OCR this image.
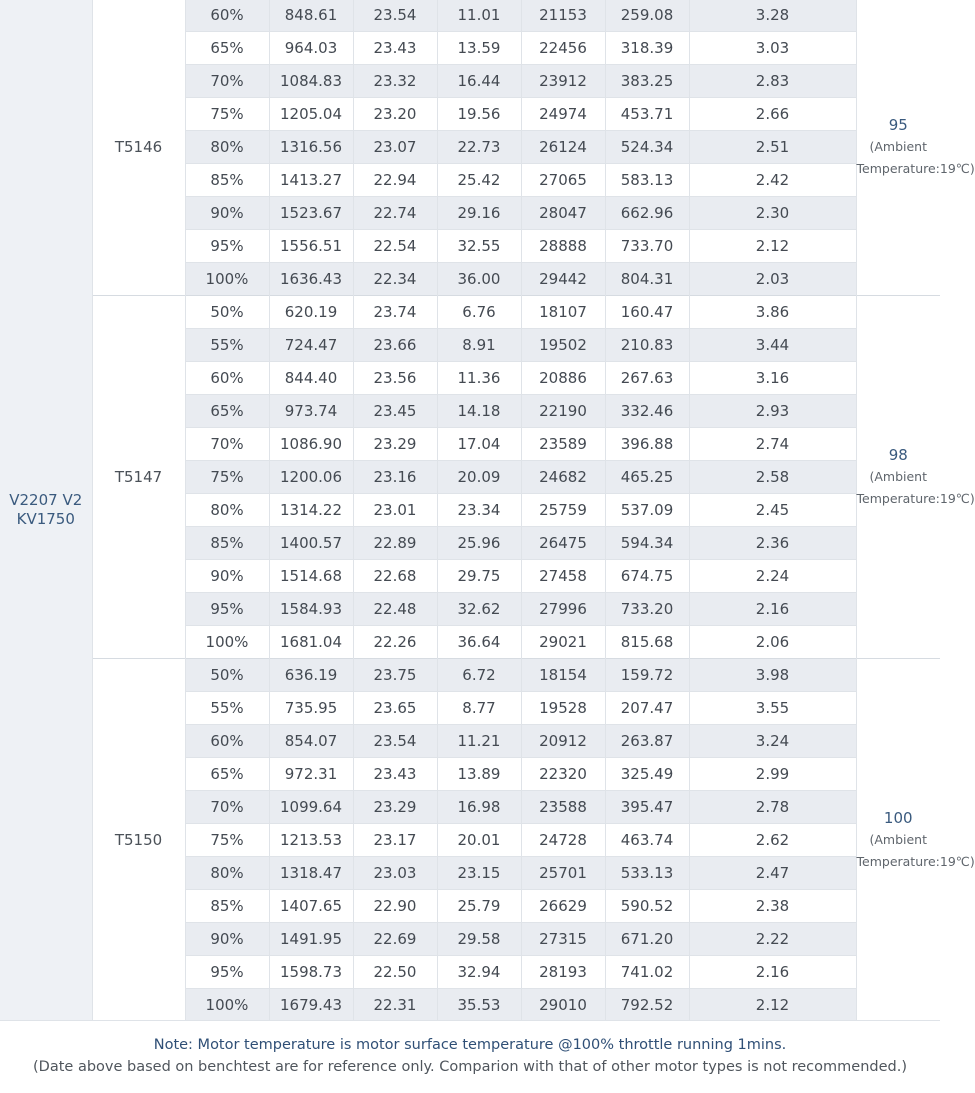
V2207 V2
KV1750	T5146	60%	848.61	23.54	11.01	21153	259.08	3.28	95
(Ambient
Temperature:19℃)

		65%	964.03	23.43	13.59	22456	318.39	3.03	
		70%	1084.83	23.32	16.44	23912	383.25	2.83	
		75%	1205.04	23.20	19.56	24974	453.71	2.66	
		80%	1316.56	23.07	22.73	26124	524.34	2.51	
		85%	1413.27	22.94	25.42	27065	583.13	2.42	
		90%	1523.67	22.74	29.16	28047	662.96	2.30	
		95%	1556.51	22.54	32.55	28888	733.70	2.12	
		100%	1636.43	22.34	36.00	29442	804.31	2.03	
	T5147	50%	620.19	23.74	6.76	18107	160.47	3.86	98
(Ambient
Temperature:19℃)

		55%	724.47	23.66	8.91	19502	210.83	3.44	
		60%	844.40	23.56	11.36	20886	267.63	3.16	
		65%	973.74	23.45	14.18	22190	332.46	2.93	
		70%	1086.90	23.29	17.04	23589	396.88	2.74	
		75%	1200.06	23.16	20.09	24682	465.25	2.58	
		80%	1314.22	23.01	23.34	25759	537.09	2.45	
		85%	1400.57	22.89	25.96	26475	594.34	2.36	
		90%	1514.68	22.68	29.75	27458	674.75	2.24	
		95%	1584.93	22.48	32.62	27996	733.20	2.16	
		100%	1681.04	22.26	36.64	29021	815.68	2.06	
	T5150	50%	636.19	23.75	6.72	18154	159.72	3.98	100
(Ambient
Temperature:19℃)

		55%	735.95	23.65	8.77	19528	207.47	3.55	
		60%	854.07	23.54	11.21	20912	263.87	3.24	
		65%	972.31	23.43	13.89	22320	325.49	2.99	
		70%	1099.64	23.29	16.98	23588	395.47	2.78	
		75%	1213.53	23.17	20.01	24728	463.74	2.62	
		80%	1318.47	23.03	23.15	25701	533.13	2.47	
		85%	1407.65	22.90	25.79	26629	590.52	2.38	
		90%	1491.95	22.69	29.58	27315	671.20	2.22	
		95%	1598.73	22.50	32.94	28193	741.02	2.16	
		100%	1679.43	22.31	35.53	29010	792.52	2.12	
Note: Motor temperature is motor surface temperature @100% throttle running 1mins.
(Date above based on benchtest are for reference only. Comparion with that of other motor types is not recommended.)
